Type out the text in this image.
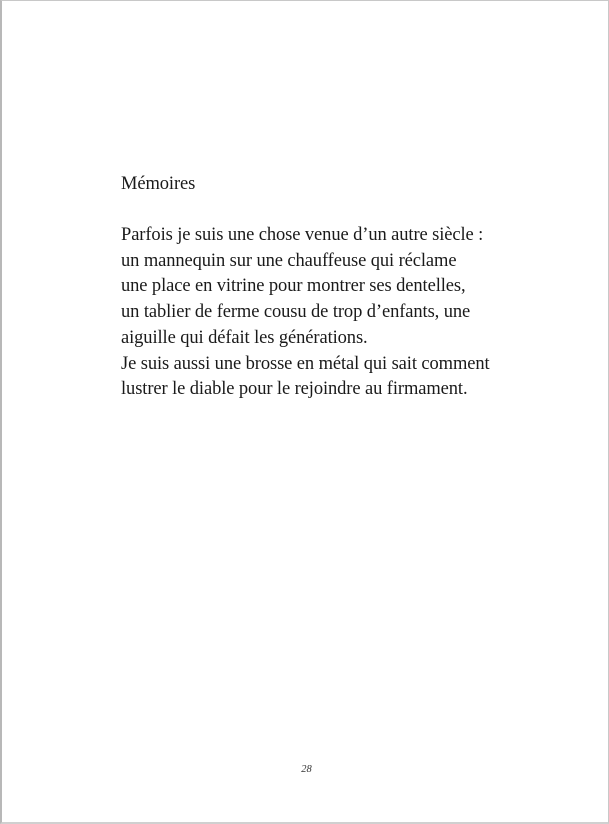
Mémoires
Parfois je suis une chose venue d’un autre siècle :
un mannequin sur une chauffeuse qui réclame
une place en vitrine pour montrer ses dentelles,
un tablier de ferme cousu de trop d’enfants, une
aiguille qui défait les générations.
Je suis aussi une brosse en métal qui sait comment
lustrer le diable pour le rejoindre au firmament.
28
